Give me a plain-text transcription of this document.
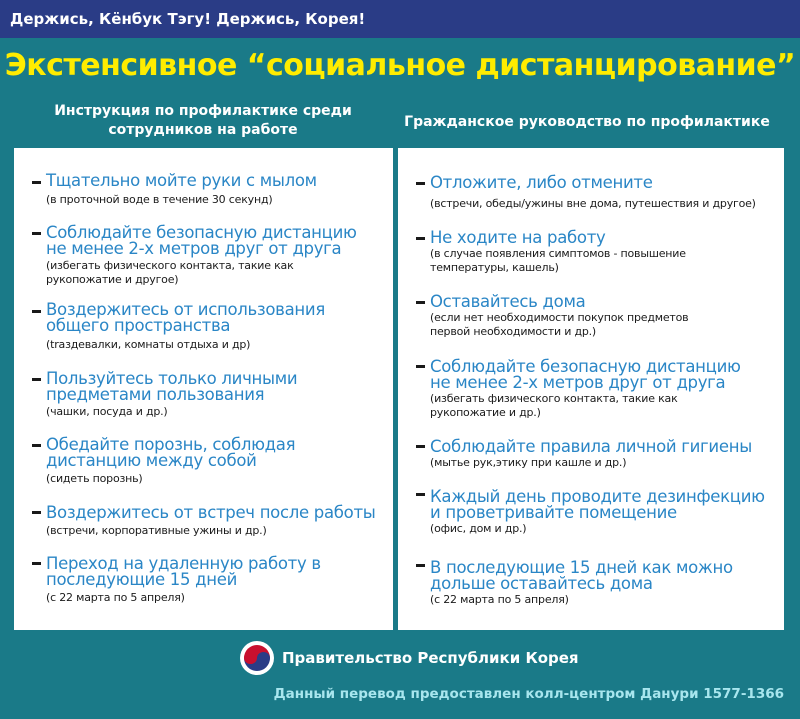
Держись, Кёнбук Тэгу! Держись, Корея!
Экстенсивное “социальное дистанцирование”
Инструкция по профилактике среди
сотрудников на работе	Гражданское руководство по профилактике
Тщательно мойте руки с мылом
(в проточной воде в течение 30 секунд)
Соблюдайте безопасную дистанцию
не менее 2-х метров друг от друга
(избегать физического контакта, такие как
рукопожатие и другое)
Воздержитесь от использования
общего пространства
(traздевалки, комнаты отдыха и др)
Пользуйтесь только личными
предметами пользования
(чашки, посуда и др.)
Обедайте порознь, соблюдая
дистанцию между собой
(сидеть порознь)
Воздержитесь от встреч после работы
(встречи, корпоративные ужины и др.)
Переход на удаленную работу в
последующие 15 дней
(с 22 марта по 5 апреля)
Отложите, либо отмените
(встречи, обеды/ужины вне дома, путешествия и другое)
Не ходите на работу
(в случае появления симптомов - повышение
температуры, кашель)
Оставайтесь дома
(если нет необходимости покупок предметов
первой необходимости и др.)
Соблюдайте безопасную дистанцию
не менее 2-х метров друг от друга
(избегать физического контакта, такие как
рукопожатие и др.)
Соблюдайте правила личной гигиены
(мытье рук,этику при кашле и др.)
Каждый день проводите дезинфекцию
и проветривайте помещение
(офис, дом и др.)
В последующие 15 дней как можно
дольше оставайтесь дома
(с 22 марта по 5 апреля)
Правительство Республики Корея
Данный перевод предоставлен колл-центром Данури 1577-1366
